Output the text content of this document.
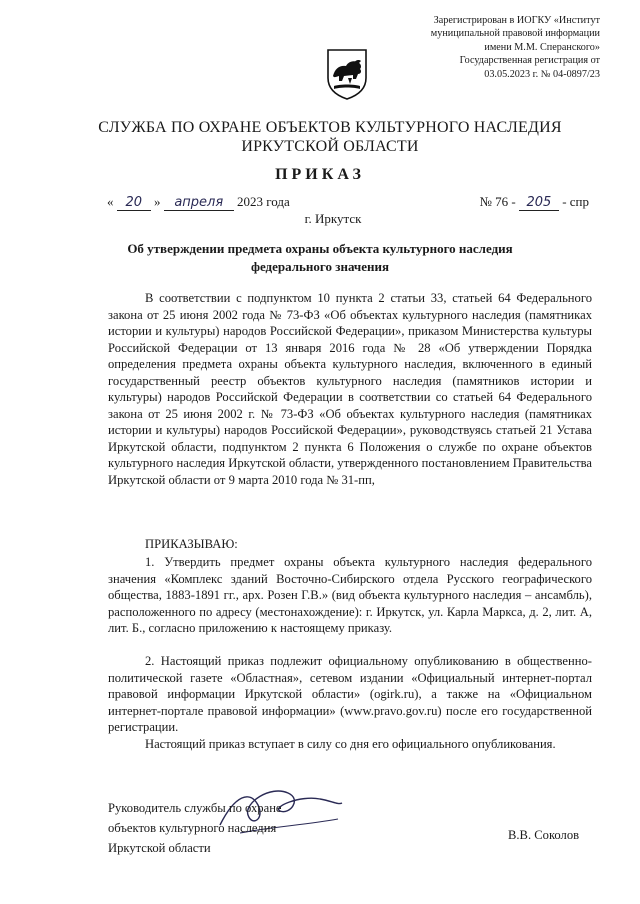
Зарегистрирован в ИОГКУ «Институт
муниципальной правовой информации
имени М.М. Сперанского»
Государственная регистрация от
03.05.2023 г. № 04-0897/23
СЛУЖБА ПО ОХРАНЕ ОБЪЕКТОВ КУЛЬТУРНОГО НАСЛЕДИЯ
ИРКУТСКОЙ ОБЛАСТИ
ПРИКАЗ
« 20 » апреля 2023 года	№ 76 - 205 - спр
г. Иркутск
Об утверждении предмета охраны объекта культурного наследия
федерального значения
В соответствии с подпунктом 10 пункта 2 статьи 33, статьей 64 Федерального закона от 25 июня 2002 года № 73-ФЗ «Об объектах культурного наследия (памятниках истории и культуры) народов Российской Федерации», приказом Министерства культуры Российской Федерации от 13 января 2016 года № 28 «Об утверждении Порядка определения предмета охраны объекта культурного наследия, включенного в единый государственный реестр объектов культурного наследия (памятников истории и культуры) народов Российской Федерации в соответствии со статьей 64 Федерального закона от 25 июня 2002 г. № 73-ФЗ «Об объектах культурного наследия (памятниках истории и культуры) народов Российской Федерации», руководствуясь статьей 21 Устава Иркутской области, подпунктом 2 пункта 6 Положения о службе по охране объектов культурного наследия Иркутской области, утвержденного постановлением Правительства Иркутской области от 9 марта 2010 года № 31-пп,
ПРИКАЗЫВАЮ:
1. Утвердить предмет охраны объекта культурного наследия федерального значения «Комплекс зданий Восточно-Сибирского отдела Русского географического общества, 1883-1891 гг., арх. Розен Г.В.» (вид объекта культурного наследия – ансамбль), расположенного по адресу (местонахождение): г. Иркутск, ул. Карла Маркса, д. 2, лит. А, лит. Б., согласно приложению к настоящему приказу.
2. Настоящий приказ подлежит официальному опубликованию в общественно-политической газете «Областная», сетевом издании «Официальный интернет-портал правовой информации Иркутской области» (ogirk.ru), а также на «Официальном интернет-портале правовой информации» (www.pravo.gov.ru) после его государственной регистрации.
Настоящий приказ вступает в силу со дня его официального опубликования.
Руководитель службы по охране
объектов культурного наследия
Иркутской области
В.В. Соколов
